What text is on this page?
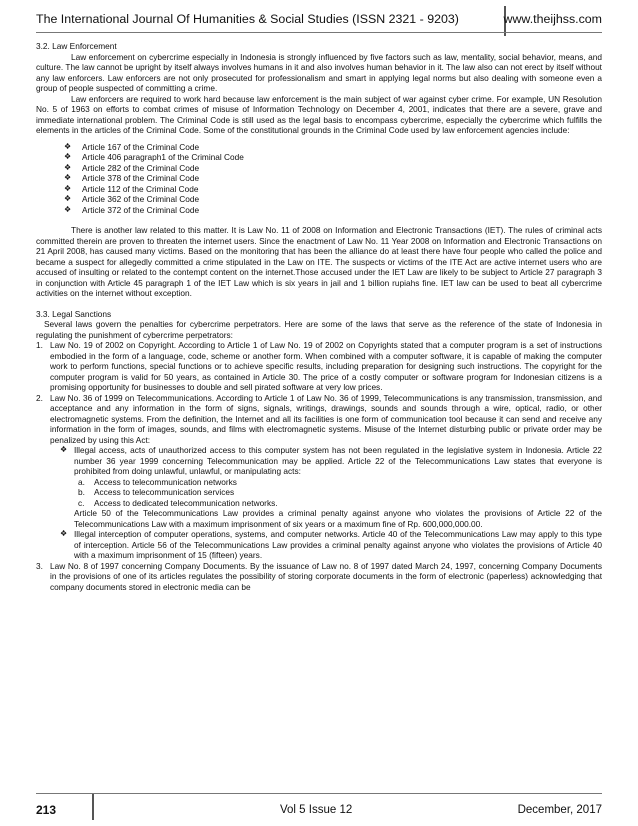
The International Journal Of Humanities & Social Studies (ISSN 2321 - 9203)	www.theijhss.com

3.2. Law Enforcement

Law enforcement on cybercrime especially in Indonesia is strongly influenced by five factors such as law, mentality, social behavior, means, and culture. The law cannot be upright by itself always involves humans in it and also involves human behavior in it. The law also can not erect by itself without any law enforcers. Law enforcers are not only prosecuted for professionalism and smart in applying legal norms but also dealing with someone even a group of people suspected of committing a crime.

Law enforcers are required to work hard because law enforcement is the main subject of war against cyber crime. For example, UN Resolution No. 5 of 1963 on efforts to combat crimes of misuse of Information Technology on December 4, 2001, indicates that there are a severe, grave and immediate international problem. The Criminal Code is still used as the legal basis to encompass cybercrime, especially the cybercrime which fulfills the elements in the articles of the Criminal Code. Some of the constitutional grounds in the Criminal Code used by law enforcement agencies include:

❖ Article 167 of the Criminal Code
❖ Article 406 paragraph1 of the Criminal Code
❖ Article 282 of the Criminal Code
❖ Article 378 of the Criminal Code
❖ Article 112 of the Criminal Code
❖ Article 362 of the Criminal Code
❖ Article 372 of the Criminal Code

There is another law related to this matter. It is Law No. 11 of 2008 on Information and Electronic Transactions (IET). The rules of criminal acts committed therein are proven to threaten the internet users. Since the enactment of Law No. 11 Year 2008 on Information and Electronic Transactions on 21 April 2008, has caused many victims. Based on the monitoring that has been the alliance do at least there have four people who called the police and became a suspect for allegedly committed a crime stipulated in the Law on ITE. The suspects or victims of the ITE Act are active internet users who are accused of insulting or related to the contempt content on the internet.Those accused under the IET Law are likely to be subject to Article 27 paragraph 3 in conjunction with Article 45 paragraph 1 of the IET Law which is six years in jail and 1 billion rupiahs fine. IET law can be used to beat all cybercrime activities on the internet without exception.

3.3. Legal Sanctions

Several laws govern the penalties for cybercrime perpetrators. Here are some of the laws that serve as the reference of the state of Indonesia in regulating the punishment of cybercrime perpetrators:

1. Law No. 19 of 2002 on Copyright. According to Article 1 of Law No. 19 of 2002 on Copyrights stated that a computer program is a set of instructions embodied in the form of a language, code, scheme or another form. When combined with a computer software, it is capable of making the computer work to perform functions, special functions or to achieve specific results, including preparation for designing such instructions. The copyright for the computer program is valid for 50 years, as contained in Article 30. The price of a costly computer or software program for Indonesian citizens is a promising opportunity for businesses to double and sell pirated software at very low prices.
2. Law No. 36 of 1999 on Telecommunications. According to Article 1 of Law No. 36 of 1999, Telecommunications is any transmission, transmission, and acceptance and any information in the form of signs, signals, writings, drawings, sounds and sounds through a wire, optical, radio, or other electromagnetic systems. From the definition, the Internet and all its facilities is one form of communication tool because it can send and receive any information in the form of images, sounds, and films with electromagnetic systems. Misuse of the Internet disturbing public or private order may be penalized by using this Act:
❖ Illegal access, acts of unauthorized access to this computer system has not been regulated in the legislative system in Indonesia. Article 22 number 36 year 1999 concerning Telecommunication may be applied. Article 22 of the Telecommunications Law states that everyone is prohibited from doing unlawful, unlawful, or manipulating acts:
a. Access to telecommunication networks
b. Access to telecommunication services
c. Access to dedicated telecommunication networks.

Article 50 of the Telecommunications Law provides a criminal penalty against anyone who violates the provisions of Article 22 of the Telecommunications Law with a maximum imprisonment of six years or a maximum fine of Rp. 600,000,000.00.

❖ Illegal interception of computer operations, systems, and computer networks. Article 40 of the Telecommunications Law may apply to this type of interception. Article 56 of the Telecommunications Law provides a criminal penalty against anyone who violates the provisions of Article 40 with a maximum imprisonment of 15 (fifteen) years.
3. Law No. 8 of 1997 concerning Company Documents. By the issuance of Law no. 8 of 1997 dated March 24, 1997, concerning Company Documents in the provisions of one of its articles regulates the possibility of storing corporate documents in the form of electronic (paperless) acknowledging that company documents stored in electronic media can be
213	Vol 5 Issue 12	December, 2017
